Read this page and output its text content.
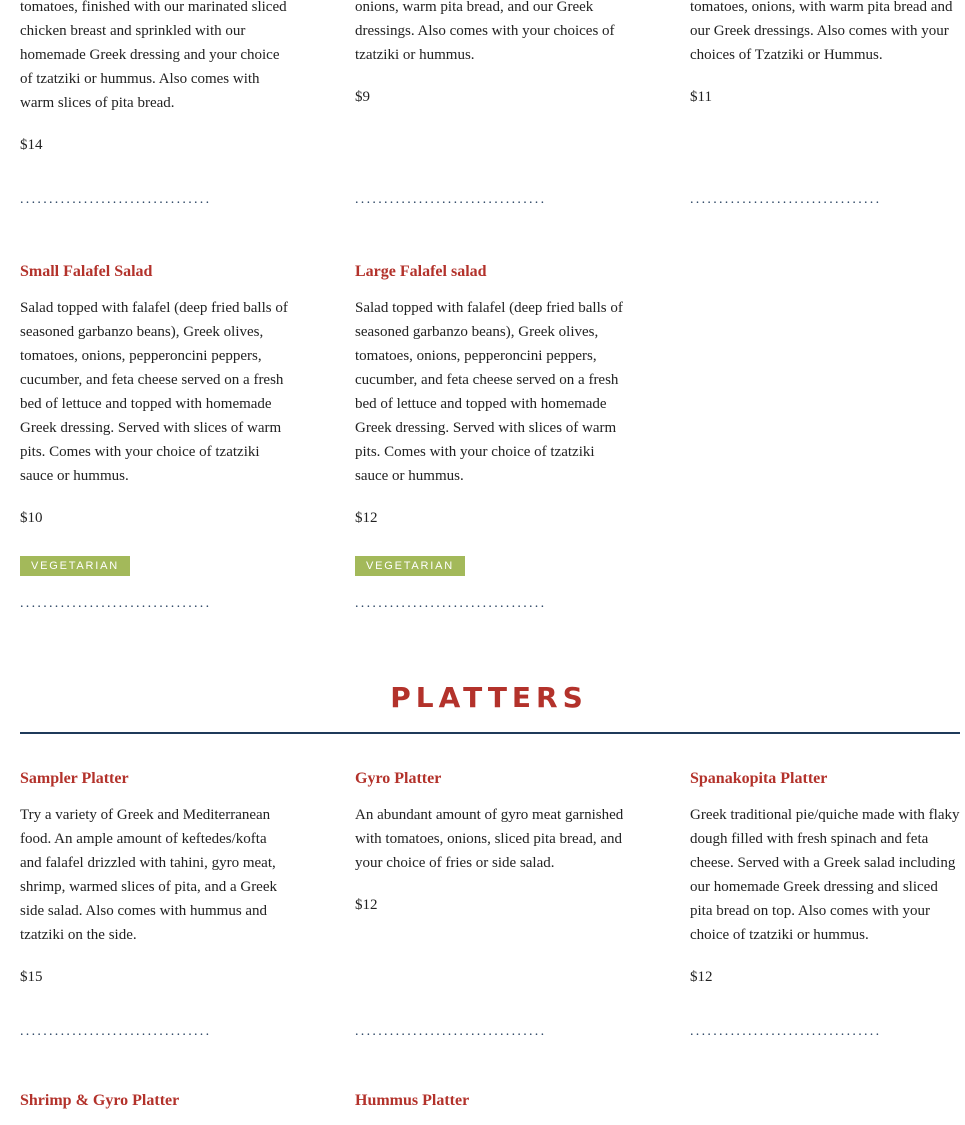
tomatoes, finished with our marinated sliced chicken breast and sprinkled with our homemade Greek dressing and your choice of tzatziki or hummus. Also comes with warm slices of pita bread.

$14
.................................

onions, warm pita bread, and our Greek dressings. Also comes with your choices of tzatziki or hummus.

$9
.................................

tomatoes, onions, with warm pita bread and our Greek dressings. Also comes with your choices of Tzatziki or Hummus.

$11
.................................
Small Falafel Salad

Salad topped with falafel (deep fried balls of seasoned garbanzo beans), Greek olives, tomatoes, onions, pepperoncini peppers, cucumber, and feta cheese served on a fresh bed of lettuce and topped with homemade Greek dressing. Served with slices of warm pits. Comes with your choice of tzatziki sauce or hummus.

$10
VEGETARIAN
.................................
Large Falafel salad

Salad topped with falafel (deep fried balls of seasoned garbanzo beans), Greek olives, tomatoes, onions, pepperoncini peppers, cucumber, and feta cheese served on a fresh bed of lettuce and topped with homemade Greek dressing. Served with slices of warm pits. Comes with your choice of tzatziki sauce or hummus.

$12
VEGETARIAN
.................................
PLATTERS
Sampler Platter

Try a variety of Greek and Mediterranean food. An ample amount of keftedes/kofta and falafel drizzled with tahini, gyro meat, shrimp, warmed slices of pita, and a Greek side salad. Also comes with hummus and tzatziki on the side.

$15
.................................
Gyro Platter

An abundant amount of gyro meat garnished with tomatoes, onions, sliced pita bread, and your choice of fries or side salad.

$12
.................................
Spanakopita Platter

Greek traditional pie/quiche made with flaky dough filled with fresh spinach and feta cheese. Served with a Greek salad including our homemade Greek dressing and sliced pita bread on top. Also comes with your choice of tzatziki or hummus.

$12
.................................
Shrimp & Gyro Platter	Hummus Platter
